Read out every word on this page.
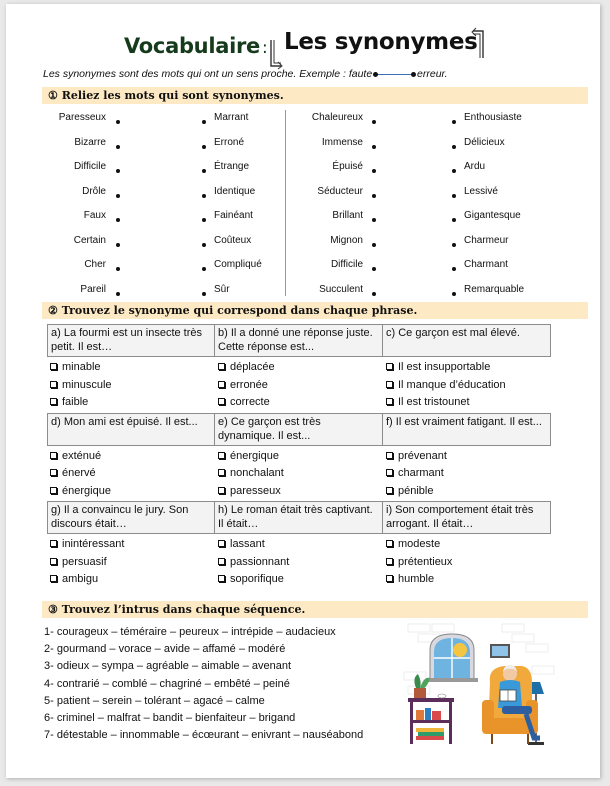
Vocabulaire : Les synonymes
Les synonymes sont des mots qui ont un sens proche. Exemple : faute	erreur.
① Reliez les mots qui sont synonymes.
Paresseux
Bizarre
Difficile
Drôle
Faux
Certain
Cher
Pareil
Marrant
Erroné
Étrange
Identique
Fainéant
Coûteux
Compliqué
Sûr
Chaleureux
Immense
Épuisé
Séducteur
Brillant
Mignon
Difficile
Succulent
Enthousiaste
Délicieux
Ardu
Lessivé
Gigantesque
Charmeur
Charmant
Remarquable
② Trouvez le synonyme qui correspond dans chaque phrase.
a) La fourmi est un insecte très petit. Il est…
b) Il a donné une réponse juste. Cette réponse est...
c) Ce garçon est mal élevé.
minable
minuscule
faible
déplacée
erronée
correcte
Il est insupportable
Il manque d’éducation
Il est tristounet
d) Mon ami est épuisé. Il est...	e) Ce garçon est très dynamique. Il est...
f) Il est vraiment fatigant. Il est...
exténué
énervé
énergique
énergique
nonchalant
paresseux
prévenant
charmant
pénible
g) Il a convaincu le jury. Son discours était…
h) Le roman était très captivant. Il était…
i) Son comportement était très arrogant. Il était…
inintéressant
persuasif
ambigu
lassant
passionnant
soporifique
modeste
prétentieux
humble
③ Trouvez l’intrus dans chaque séquence.
1- courageux – téméraire – peureux – intrépide – audacieux
2- gourmand – vorace – avide – affamé – modéré
3- odieux – sympa – agréable – aimable – avenant
4- contrarié – comblé – chagriné – embêté – peiné
5- patient – serein – tolérant – agacé – calme
6- criminel – malfrat – bandit – bienfaiteur – brigand
7- détestable – innommable – écœurant – enivrant – nauséabond
